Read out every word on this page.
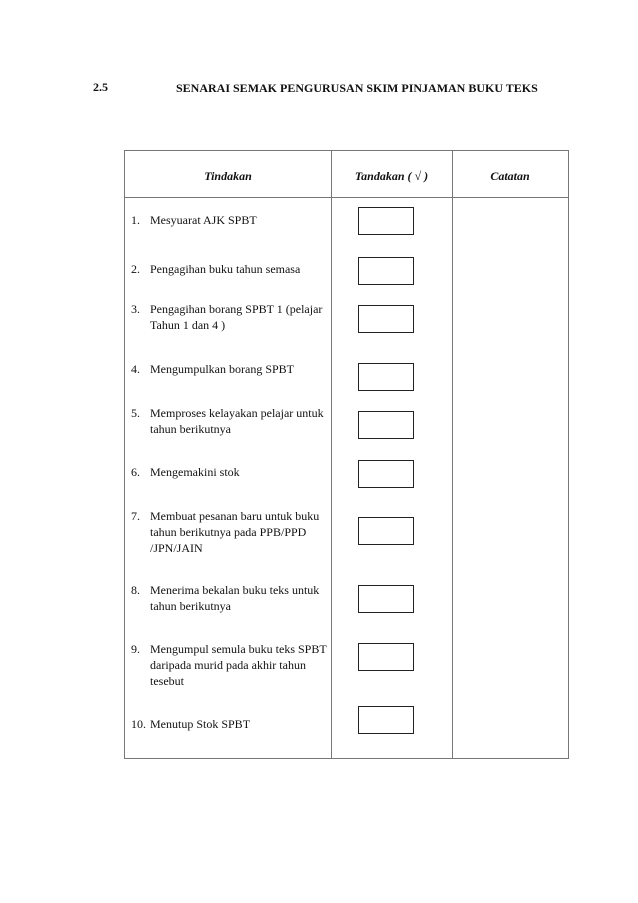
2.5	SENARAI SEMAK PENGURUSAN SKIM PINJAMAN BUKU TEKS
Tindakan	Tandakan ( √ )	Catatan
1. Mesyuarat AJK SPBT
2. Pengagihan buku tahun semasa
3. Pengagihan borang SPBT 1 (pelajar Tahun 1 dan 4 )
4. Mengumpulkan borang SPBT
5. Memproses kelayakan pelajar untuk tahun berikutnya
6. Mengemakini stok
7. Membuat pesanan baru untuk buku tahun berikutnya pada PPB/PPD /JPN/JAIN
8. Menerima bekalan buku teks untuk tahun berikutnya
9. Mengumpul semula buku teks SPBT daripada murid pada akhir tahun tesebut
10. Menutup Stok SPBT
